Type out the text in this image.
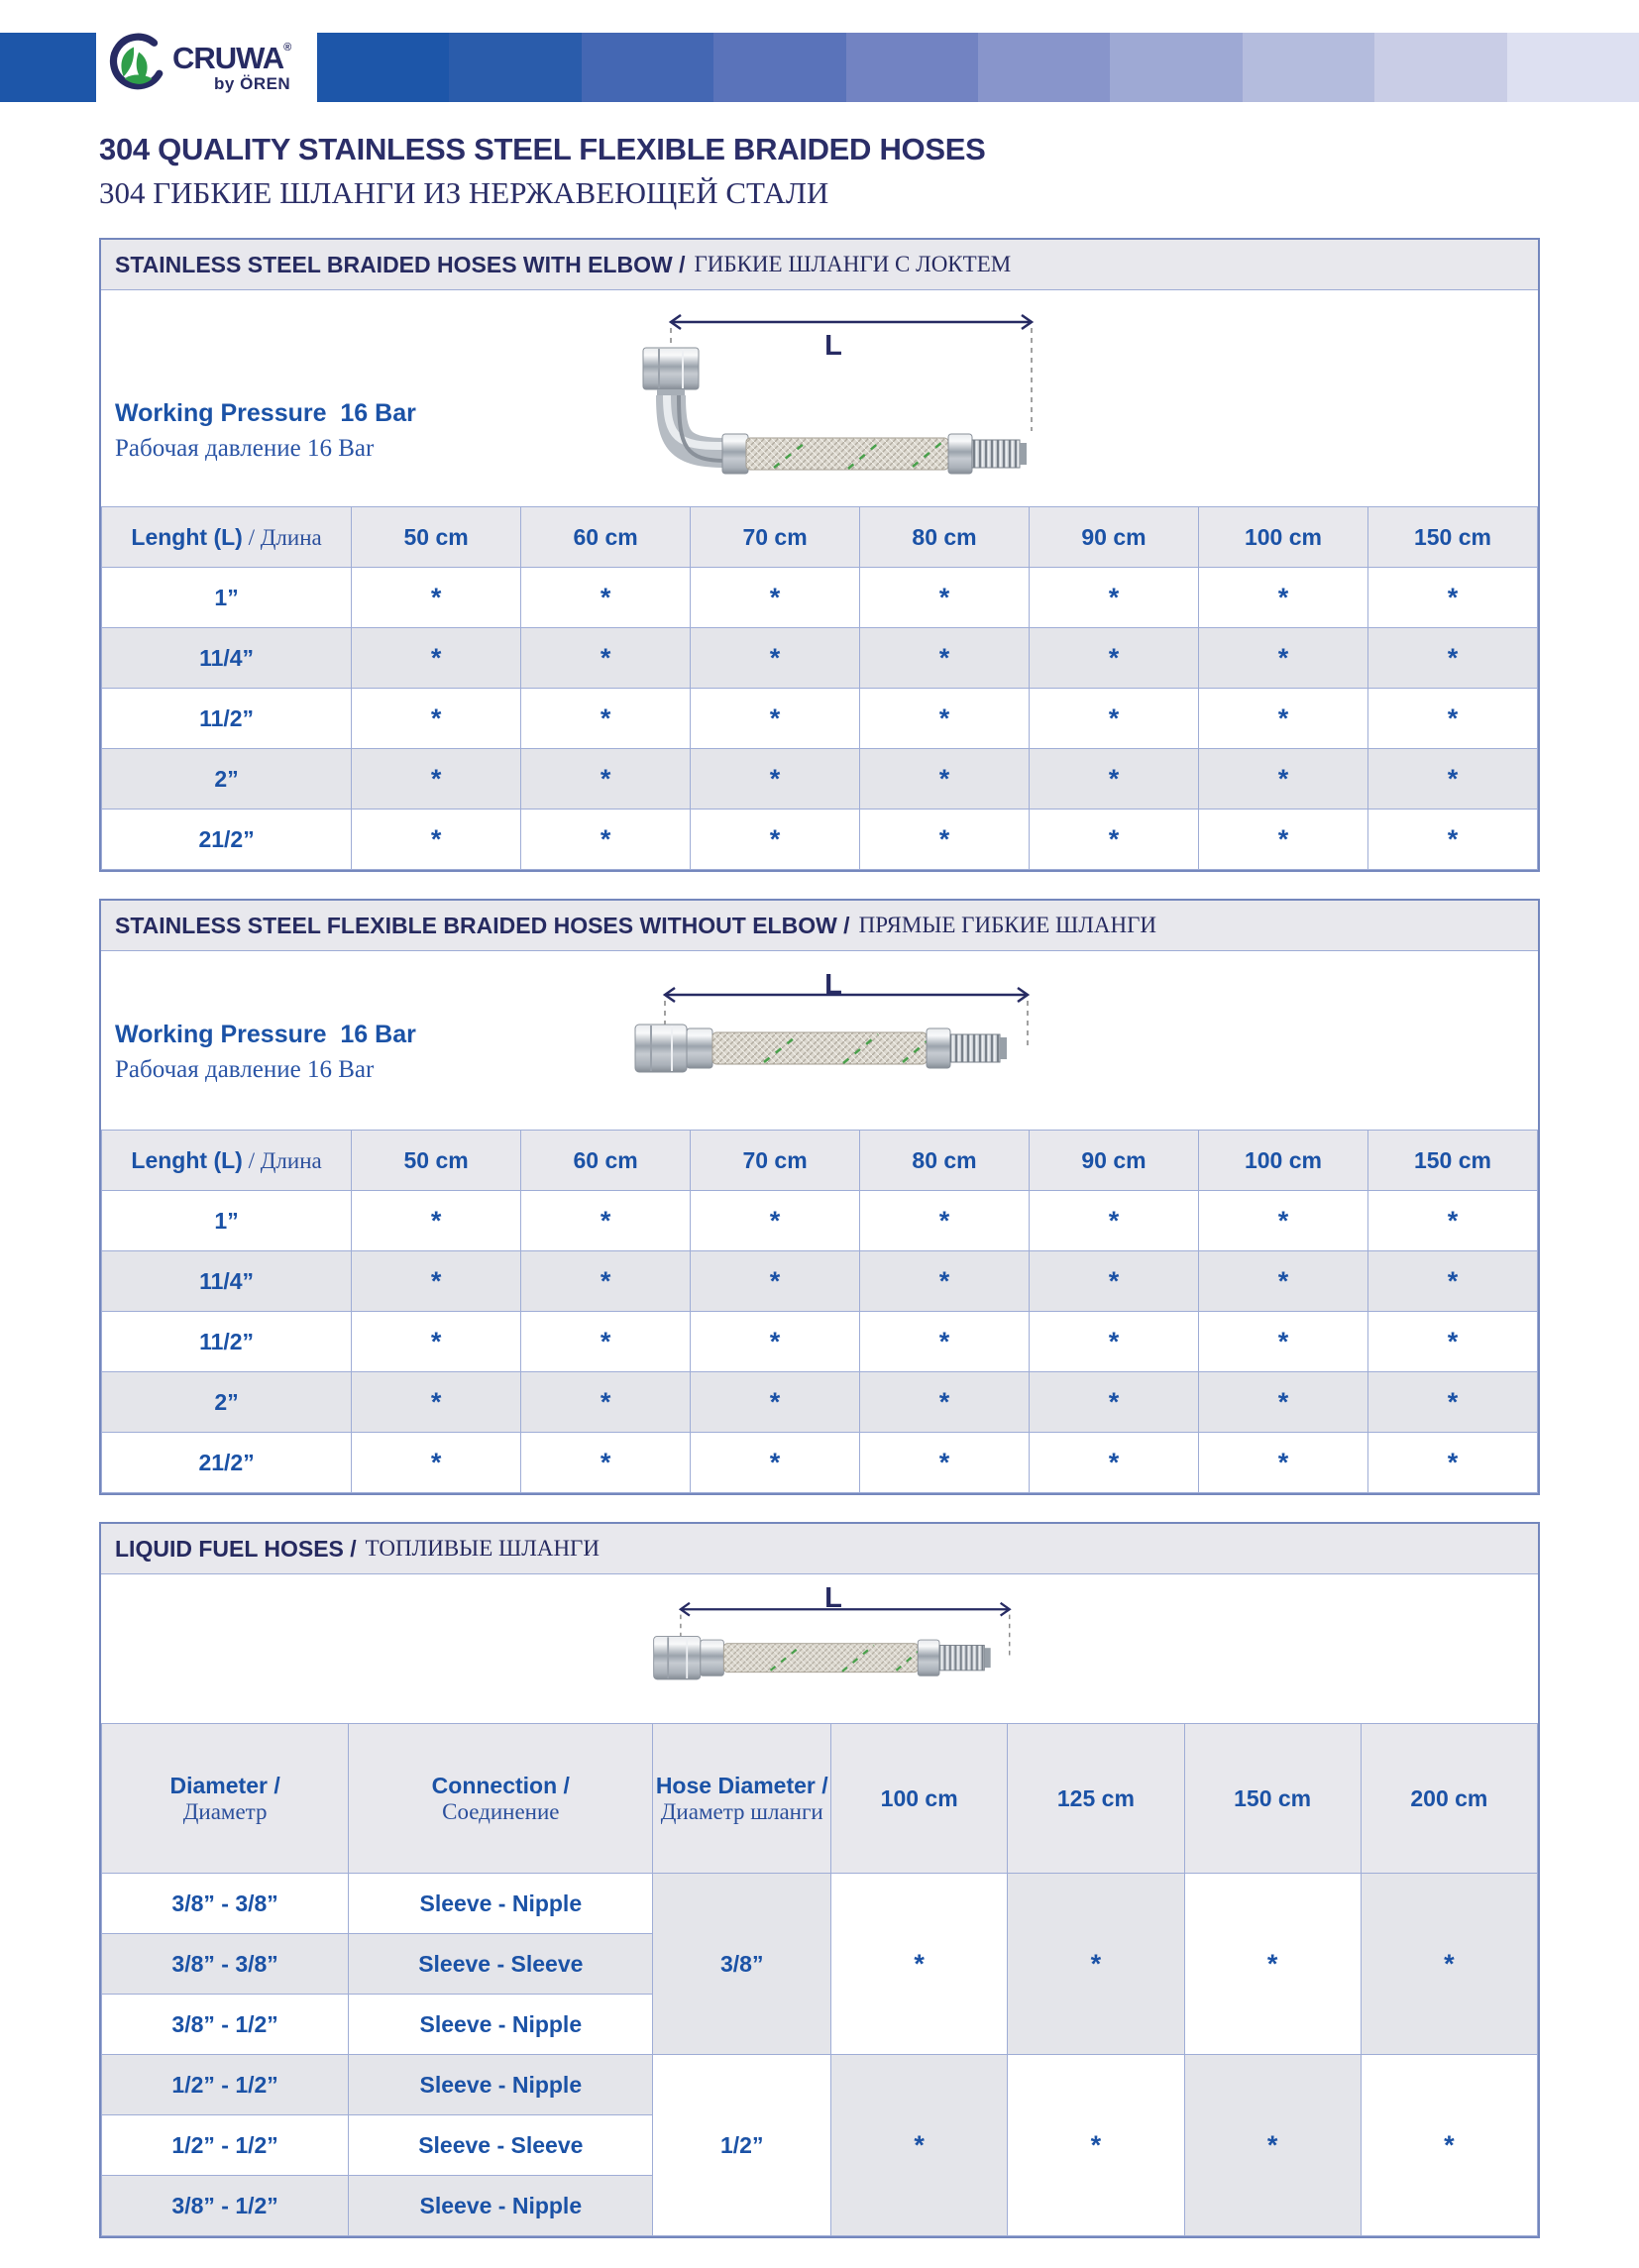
CRUWA®
by ÖREN
304 QUALITY STAINLESS STEEL FLEXIBLE BRAIDED HOSES
304 ГИБКИЕ ШЛАНГИ ИЗ НЕРЖАВЕЮЩЕЙ СТАЛИ
STAINLESS STEEL BRAIDED HOSES WITH ELBOW / ГИБКИЕ ШЛАНГИ С ЛОКТЕМ
Working Pressure  16 Bar
Рабочая давление 16 Bar
L
Lenght (L) / Длина	50 cm	60 cm	70 cm	80 cm	90 cm	100 cm	150 cm
1”	*	*	*	*	*	*	*
11/4”	*	*	*	*	*	*	*
11/2”	*	*	*	*	*	*	*
2”	*	*	*	*	*	*	*
21/2”	*	*	*	*	*	*	*
STAINLESS STEEL FLEXIBLE BRAIDED HOSES WITHOUT ELBOW / ПРЯМЫЕ ГИБКИЕ ШЛАНГИ
Working Pressure  16 Bar
Рабочая давление 16 Bar
L
Lenght (L) / Длина	50 cm	60 cm	70 cm	80 cm	90 cm	100 cm	150 cm
1”	*	*	*	*	*	*	*
11/4”	*	*	*	*	*	*	*
11/2”	*	*	*	*	*	*	*
2”	*	*	*	*	*	*	*
21/2”	*	*	*	*	*	*	*
LIQUID FUEL HOSES / ТОПЛИВЫЕ ШЛАНГИ
L
Diameter /
Диаметр

Connection /
Соединение

Hose Diameter /
Диаметр шланги
	100 cm	125 cm	150 cm	200 cm
3/8” - 3/8”	Sleeve - Nipple	3/8”	*	*	*	*
3/8” - 3/8”	Sleeve - Sleeve					
3/8” - 1/2”	Sleeve - Nipple					
1/2” - 1/2”	Sleeve - Nipple	1/2”	*	*	*	*
1/2” - 1/2”	Sleeve - Sleeve					
3/8” - 1/2”	Sleeve - Nipple					
